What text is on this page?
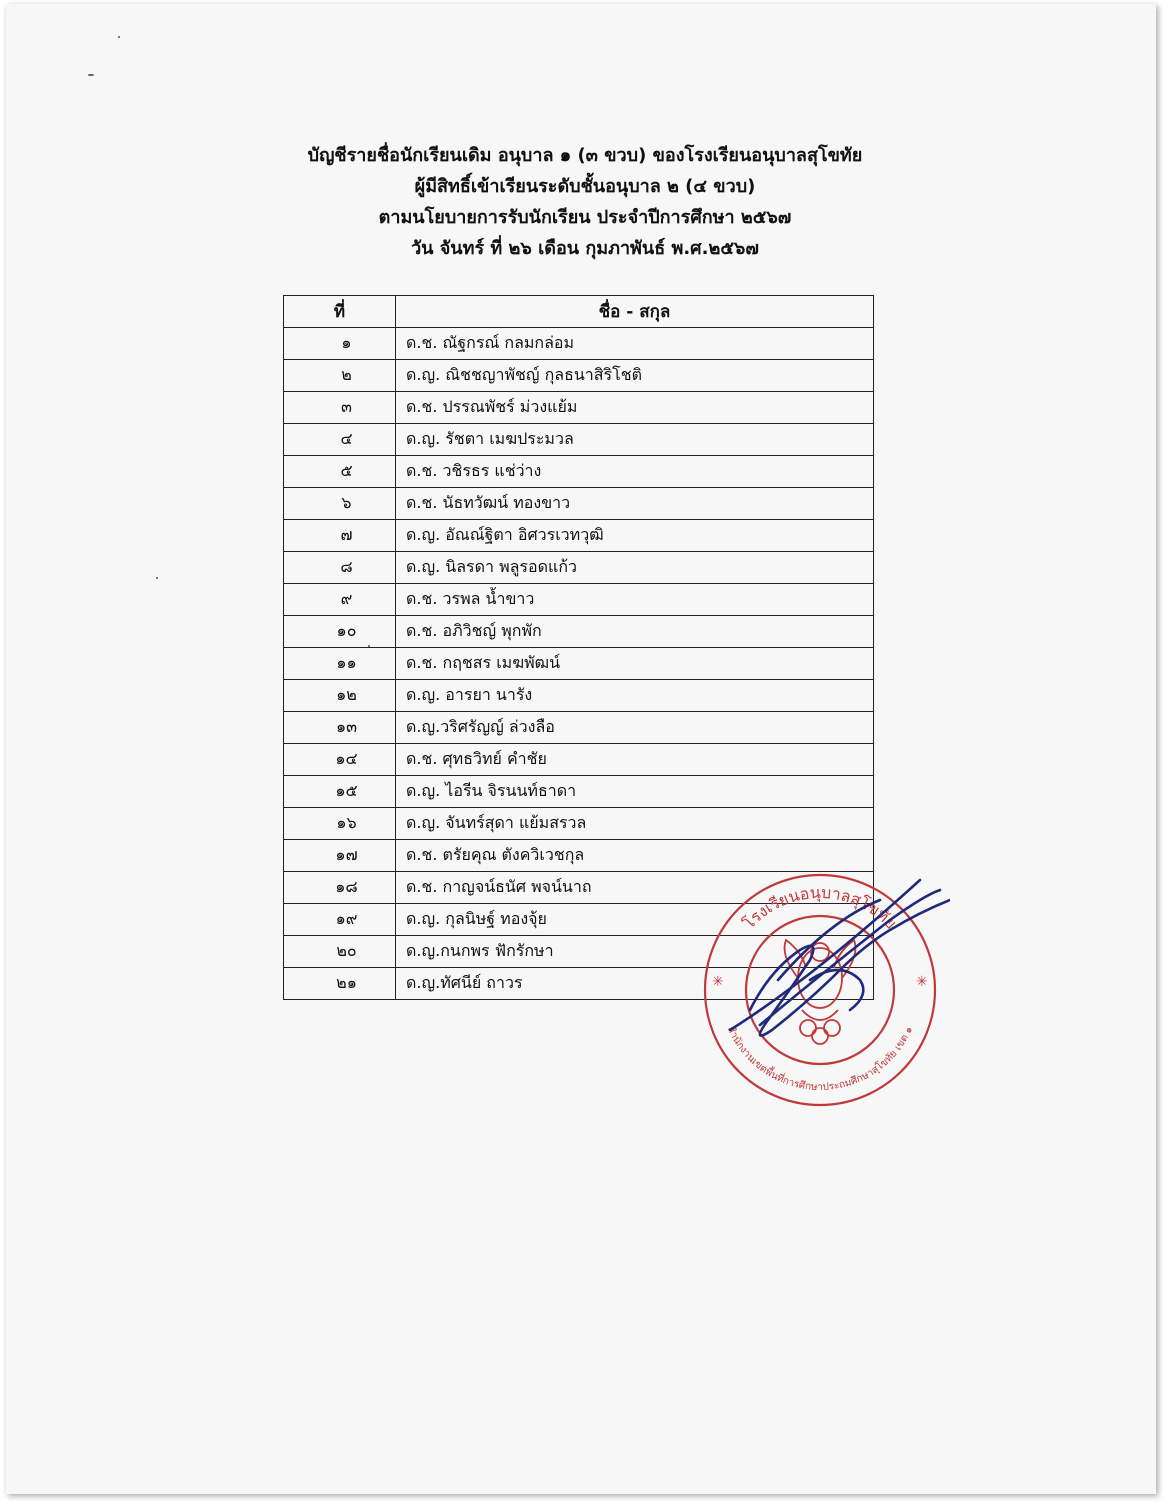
บัญชีรายชื่อนักเรียนเดิม อนุบาล ๑ (๓ ขวบ) ของโรงเรียนอนุบาลสุโขทัย
ผู้มีสิทธิ์เข้าเรียนระดับชั้นอนุบาล ๒ (๔ ขวบ)
ตามนโยบายการรับนักเรียน ประจำปีการศึกษา ๒๕๖๗
วัน จันทร์ ที่ ๒๖ เดือน กุมภาพันธ์ พ.ศ.๒๕๖๗
ที่	ชื่อ - สกุล
๑	ด.ช. ณัฐกรณ์ กลมกล่อม
๒	ด.ญ. ณิชชญาพัชญ์ กุลธนาสิริโชติ
๓	ด.ช. ปรรณพัชร์ ม่วงแย้ม
๔	ด.ญ. รัชตา เมฆประมวล
๕	ด.ช. วชิรธร แช่ว่าง
๖	ด.ช. นัธทวัฒน์ ทองขาว
๗	ด.ญ. อัณณ์ฐิตา อิศวรเวทวุฒิ
๘	ด.ญ. นิลรดา พลูรอดแก้ว
๙	ด.ช. วรพล น้ำขาว
๑๐	ด.ช. อภิวิชญ์ พุกพัก
๑๑	ด.ช. กฤชสร เมฆพัฒน์
๑๒	ด.ญ. อารยา นารัง
๑๓	ด.ญ.วริศรัญญ์ ล่วงลือ
๑๔	ด.ช. ศุทธวิทย์ คำชัย
๑๕	ด.ญ. ไอรีน จิรนนท์ธาดา
๑๖	ด.ญ. จันทร์สุดา แย้มสรวล
๑๗	ด.ช. ตรัยคุณ ตังควิเวชกุล
๑๘	ด.ช. กาญจน์ธนัศ พจน์นาถ
๑๙	ด.ญ. กุลนิษฐ์ ทองจุ้ย
๒๐	ด.ญ.กนกพร ฟักรักษา
๒๑	ด.ญ.ทัศนีย์ ถาวร
โรงเรียนอนุบาลสุโขทัย
สำนักงานเขตพื้นที่การศึกษาประถมศึกษาสุโขทัย เขต ๑
✳	✳
